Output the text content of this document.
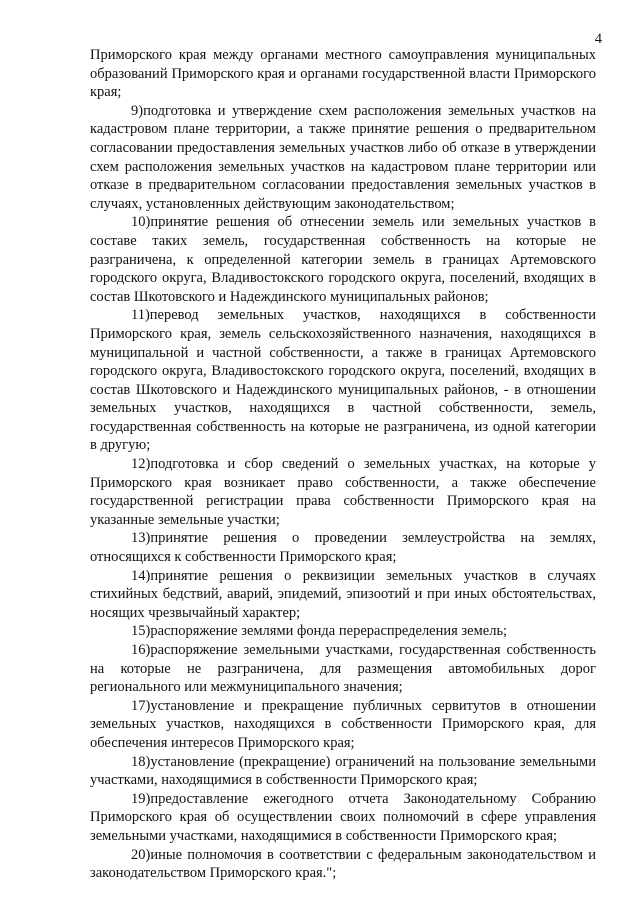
4

Приморского края между органами местного самоуправления муниципальных образований Приморского края и органами государственной власти Приморского края;

9)подготовка и утверждение схем расположения земельных участков на кадастровом плане территории, а также принятие решения о предварительном согласовании предоставления земельных участков либо об отказе в утверждении схем расположения земельных участков на кадастровом плане территории или отказе в предварительном согласовании предоставления земельных участков в случаях, установленных действующим законодательством;

10)принятие решения об отнесении земель или земельных участков в составе таких земель, государственная собственность на которые не разграничена, к определенной категории земель в границах Артемовского городского округа, Владивостокского городского округа, поселений, входящих в состав Шкотовского и Надеждинского муниципальных районов;

11)перевод земельных участков, находящихся в собственности Приморского края, земель сельскохозяйственного назначения, находящихся в муниципальной и частной собственности, а также в границах Артемовского городского округа, Владивостокского городского округа, поселений, входящих в состав Шкотовского и Надеждинского муниципальных районов, - в отношении земельных участков, находящихся в частной собственности, земель, государственная собственность на которые не разграничена, из одной категории в другую;

12)подготовка и сбор сведений о земельных участках, на которые у Приморского края возникает право собственности, а также обеспечение государственной регистрации права собственности Приморского края на указанные земельные участки;

13)принятие решения о проведении землеустройства на землях, относящихся к собственности Приморского края;

14)принятие решения о реквизиции земельных участков в случаях стихийных бедствий, аварий, эпидемий, эпизоотий и при иных обстоятельствах, носящих чрезвычайный характер;

15)распоряжение землями фонда перераспределения земель;

16)распоряжение земельными участками, государственная собственность на которые не разграничена, для размещения автомобильных дорог регионального или межмуниципального значения;

17)установление и прекращение публичных сервитутов в отношении земельных участков, находящихся в собственности Приморского края, для обеспечения интересов Приморского края;

18)установление (прекращение) ограничений на пользование земельными участками, находящимися в собственности Приморского края;

19)предоставление ежегодного отчета Законодательному Собранию Приморского края об осуществлении своих полномочий в сфере управления земельными участками, находящимися в собственности Приморского края;

20)иные полномочия в соответствии с федеральным законодательством и законодательством Приморского края.";
